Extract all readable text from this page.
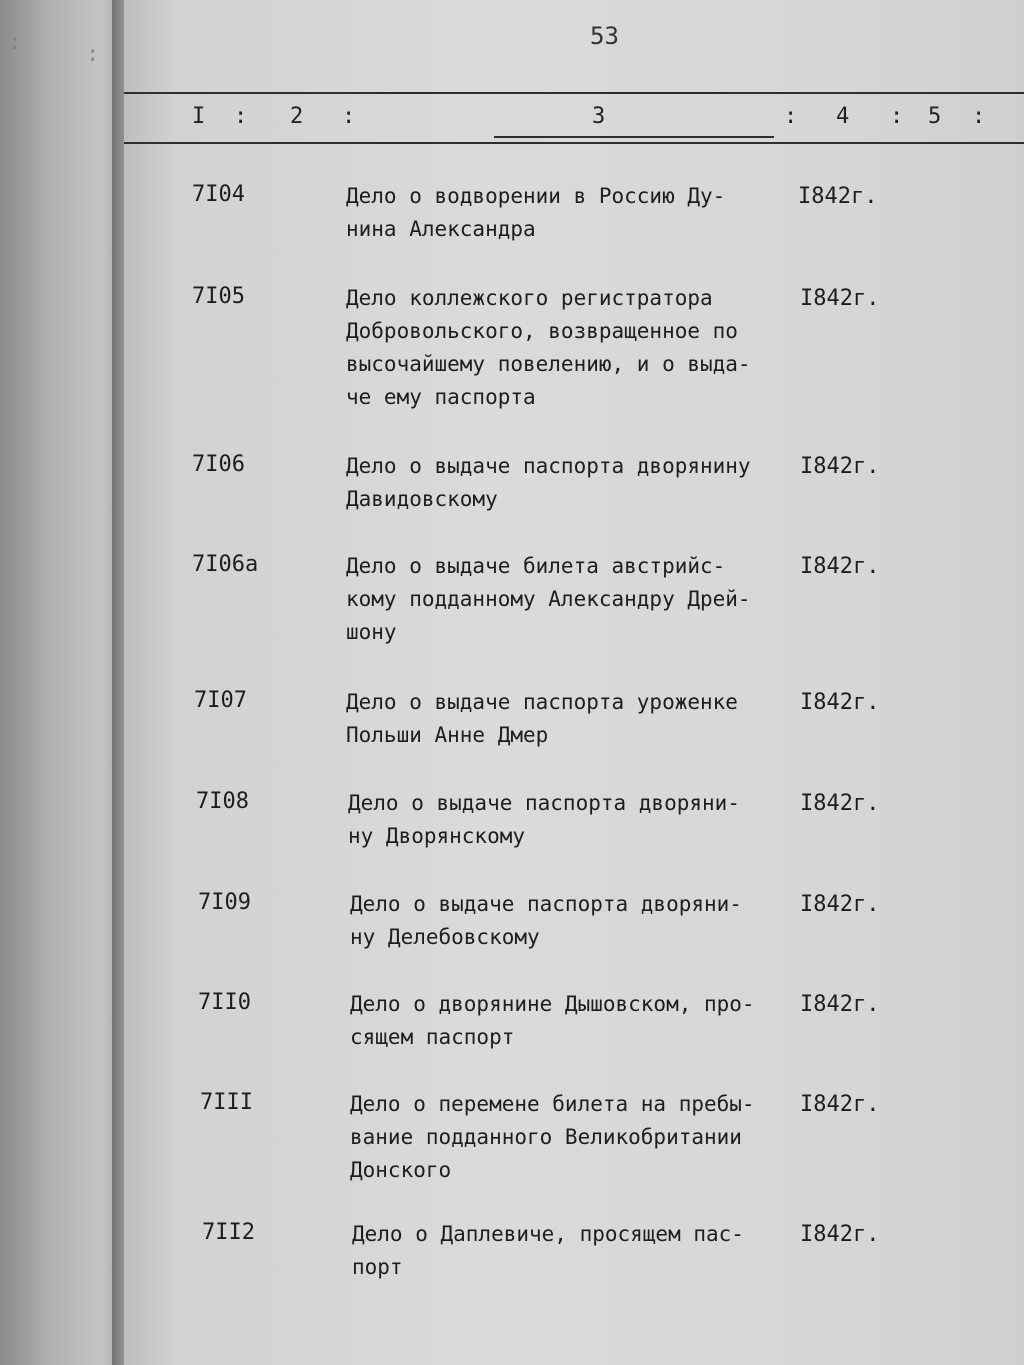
:	:
53
I : 2 :	3	: 4 : 5 :
7I04	Дело о водворении в Россию Ду-
нина Александра
I842г.
7I05	Дело коллежского регистратора
Добровольского, возвращенное по
высочайшему повелению, и о выда-
че ему паспорта
I842г.
7I06	Дело о выдаче паспорта дворянину
Давидовскому
I842г.
7I06а	Дело о выдаче билета австрийс-
кому подданному Александру Дрей-
шону
I842г.
7I07	Дело о выдаче паспорта уроженке
Польши Анне Дмер
I842г.
7I08	Дело о выдаче паспорта дворяни-
ну Дворянскому
I842г.
7I09	Дело о выдаче паспорта дворяни-
ну Делебовскому
I842г.
7II0	Дело о дворянине Дышовском, про-
сящем паспорт
I842г.
7III	Дело о перемене билета на пребы-
вание подданного Великобритании
Донского
I842г.
7II2	Дело о Даплевиче, просящем пас-
порт
I842г.
